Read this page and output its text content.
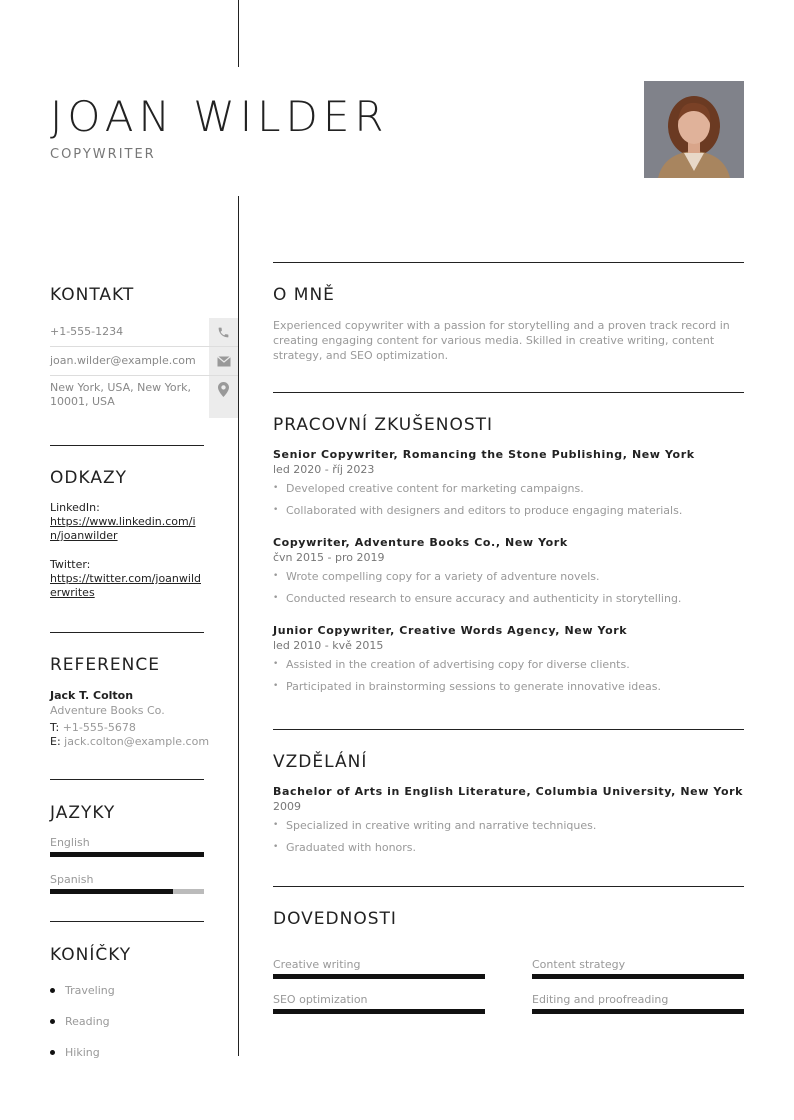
JOAN WILDER
COPYWRITER
KONTAKT
+1-555-1234
joan.wilder@example.com
New York, USA, New York, 10001, USA
ODKAZY
LinkedIn:
https://www.linkedin.com/in/joanwilder
Twitter:
https://twitter.com/joanwilderwrites
REFERENCE
Jack T. Colton
Adventure Books Co.
T: +1-555-5678
E: jack.colton@example.com
JAZYKY
English
Spanish
KONÍČKY
Traveling
Reading
Hiking
O MNĚ
Experienced copywriter with a passion for storytelling and a proven track record in creating engaging content for various media. Skilled in creative writing, content strategy, and SEO optimization.
PRACOVNÍ ZKUŠENOSTI
Senior Copywriter, Romancing the Stone Publishing, New York
led 2020 - říj 2023
• Developed creative content for marketing campaigns.
• Collaborated with designers and editors to produce engaging materials.
Copywriter, Adventure Books Co., New York
čvn 2015 - pro 2019
• Wrote compelling copy for a variety of adventure novels.
• Conducted research to ensure accuracy and authenticity in storytelling.
Junior Copywriter, Creative Words Agency, New York
led 2010 - kvě 2015
• Assisted in the creation of advertising copy for diverse clients.
• Participated in brainstorming sessions to generate innovative ideas.
VZDĚLÁNÍ
Bachelor of Arts in English Literature, Columbia University, New York
2009
• Specialized in creative writing and narrative techniques.
• Graduated with honors.
DOVEDNOSTI
Creative writing	Content strategy
SEO optimization	Editing and proofreading
